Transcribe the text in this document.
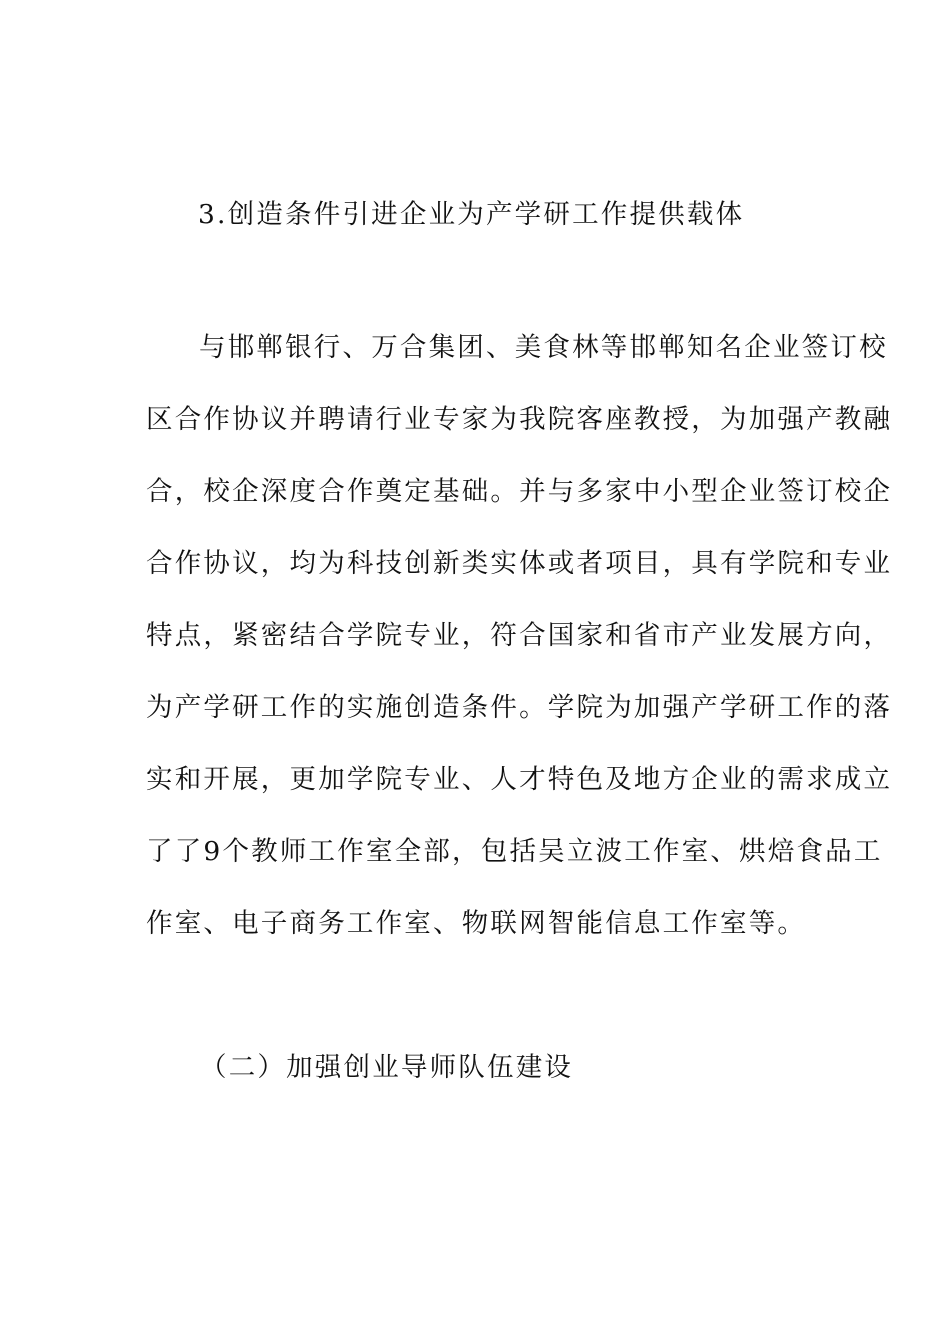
3.创造条件引进企业为产学研工作提供载体
与邯郸银行、万合集团、美食林等邯郸知名企业签订校
区合作协议并聘请行业专家为我院客座教授，为加强产教融
合，校企深度合作奠定基础。并与多家中小型企业签订校企
合作协议，均为科技创新类实体或者项目，具有学院和专业
特点，紧密结合学院专业，符合国家和省市产业发展方向，
为产学研工作的实施创造条件。学院为加强产学研工作的落
实和开展，更加学院专业、人才特色及地方企业的需求成立
了了9个教师工作室全部，包括吴立波工作室、烘焙食品工
作室、电子商务工作室、物联网智能信息工作室等。
（二）加强创业导师队伍建设
